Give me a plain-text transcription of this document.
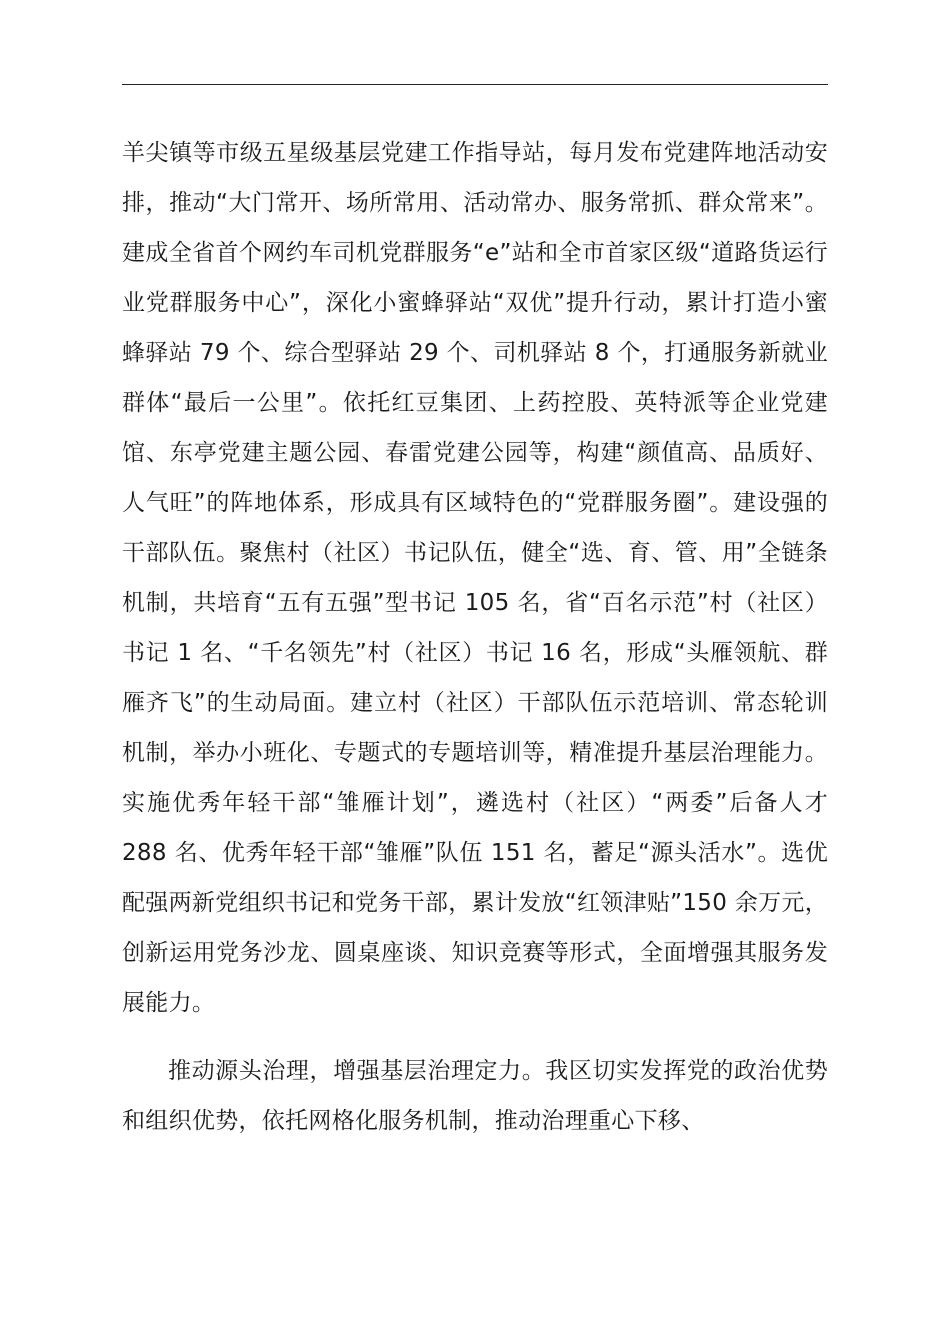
羊尖镇等市级五星级基层党建工作指导站，每月发布党建阵地活动安排，推动“大门常开、场所常用、活动常办、服务常抓、群众常来”。建成全省首个网约车司机党群服务“e”站和全市首家区级“道路货运行业党群服务中心”，深化小蜜蜂驿站“双优”提升行动，累计打造小蜜蜂驿站 79 个、综合型驿站 29 个、司机驿站 8 个，打通服务新就业群体“最后一公里”。依托红豆集团、上药控股、英特派等企业党建馆、东亭党建主题公园、春雷党建公园等，构建“颜值高、品质好、人气旺”的阵地体系，形成具有区域特色的“党群服务圈”。建设强的干部队伍。聚焦村（社区）书记队伍，健全“选、育、管、用”全链条机制，共培育“五有五强”型书记 105 名，省“百名示范”村（社区）书记 1 名、“千名领先”村（社区）书记 16 名，形成“头雁领航、群雁齐飞”的生动局面。建立村（社区）干部队伍示范培训、常态轮训机制，举办小班化、专题式的专题培训等，精准提升基层治理能力。实施优秀年轻干部“雏雁计划”，遴选村（社区）“两委”后备人才 288 名、优秀年轻干部“雏雁”队伍 151 名，蓄足“源头活水”。选优配强两新党组织书记和党务干部，累计发放“红领津贴”150 余万元，创新运用党务沙龙、圆桌座谈、知识竞赛等形式，全面增强其服务发展能力。

推动源头治理，增强基层治理定力。我区切实发挥党的政治优势和组织优势，依托网格化服务机制，推动治理重心下移、
